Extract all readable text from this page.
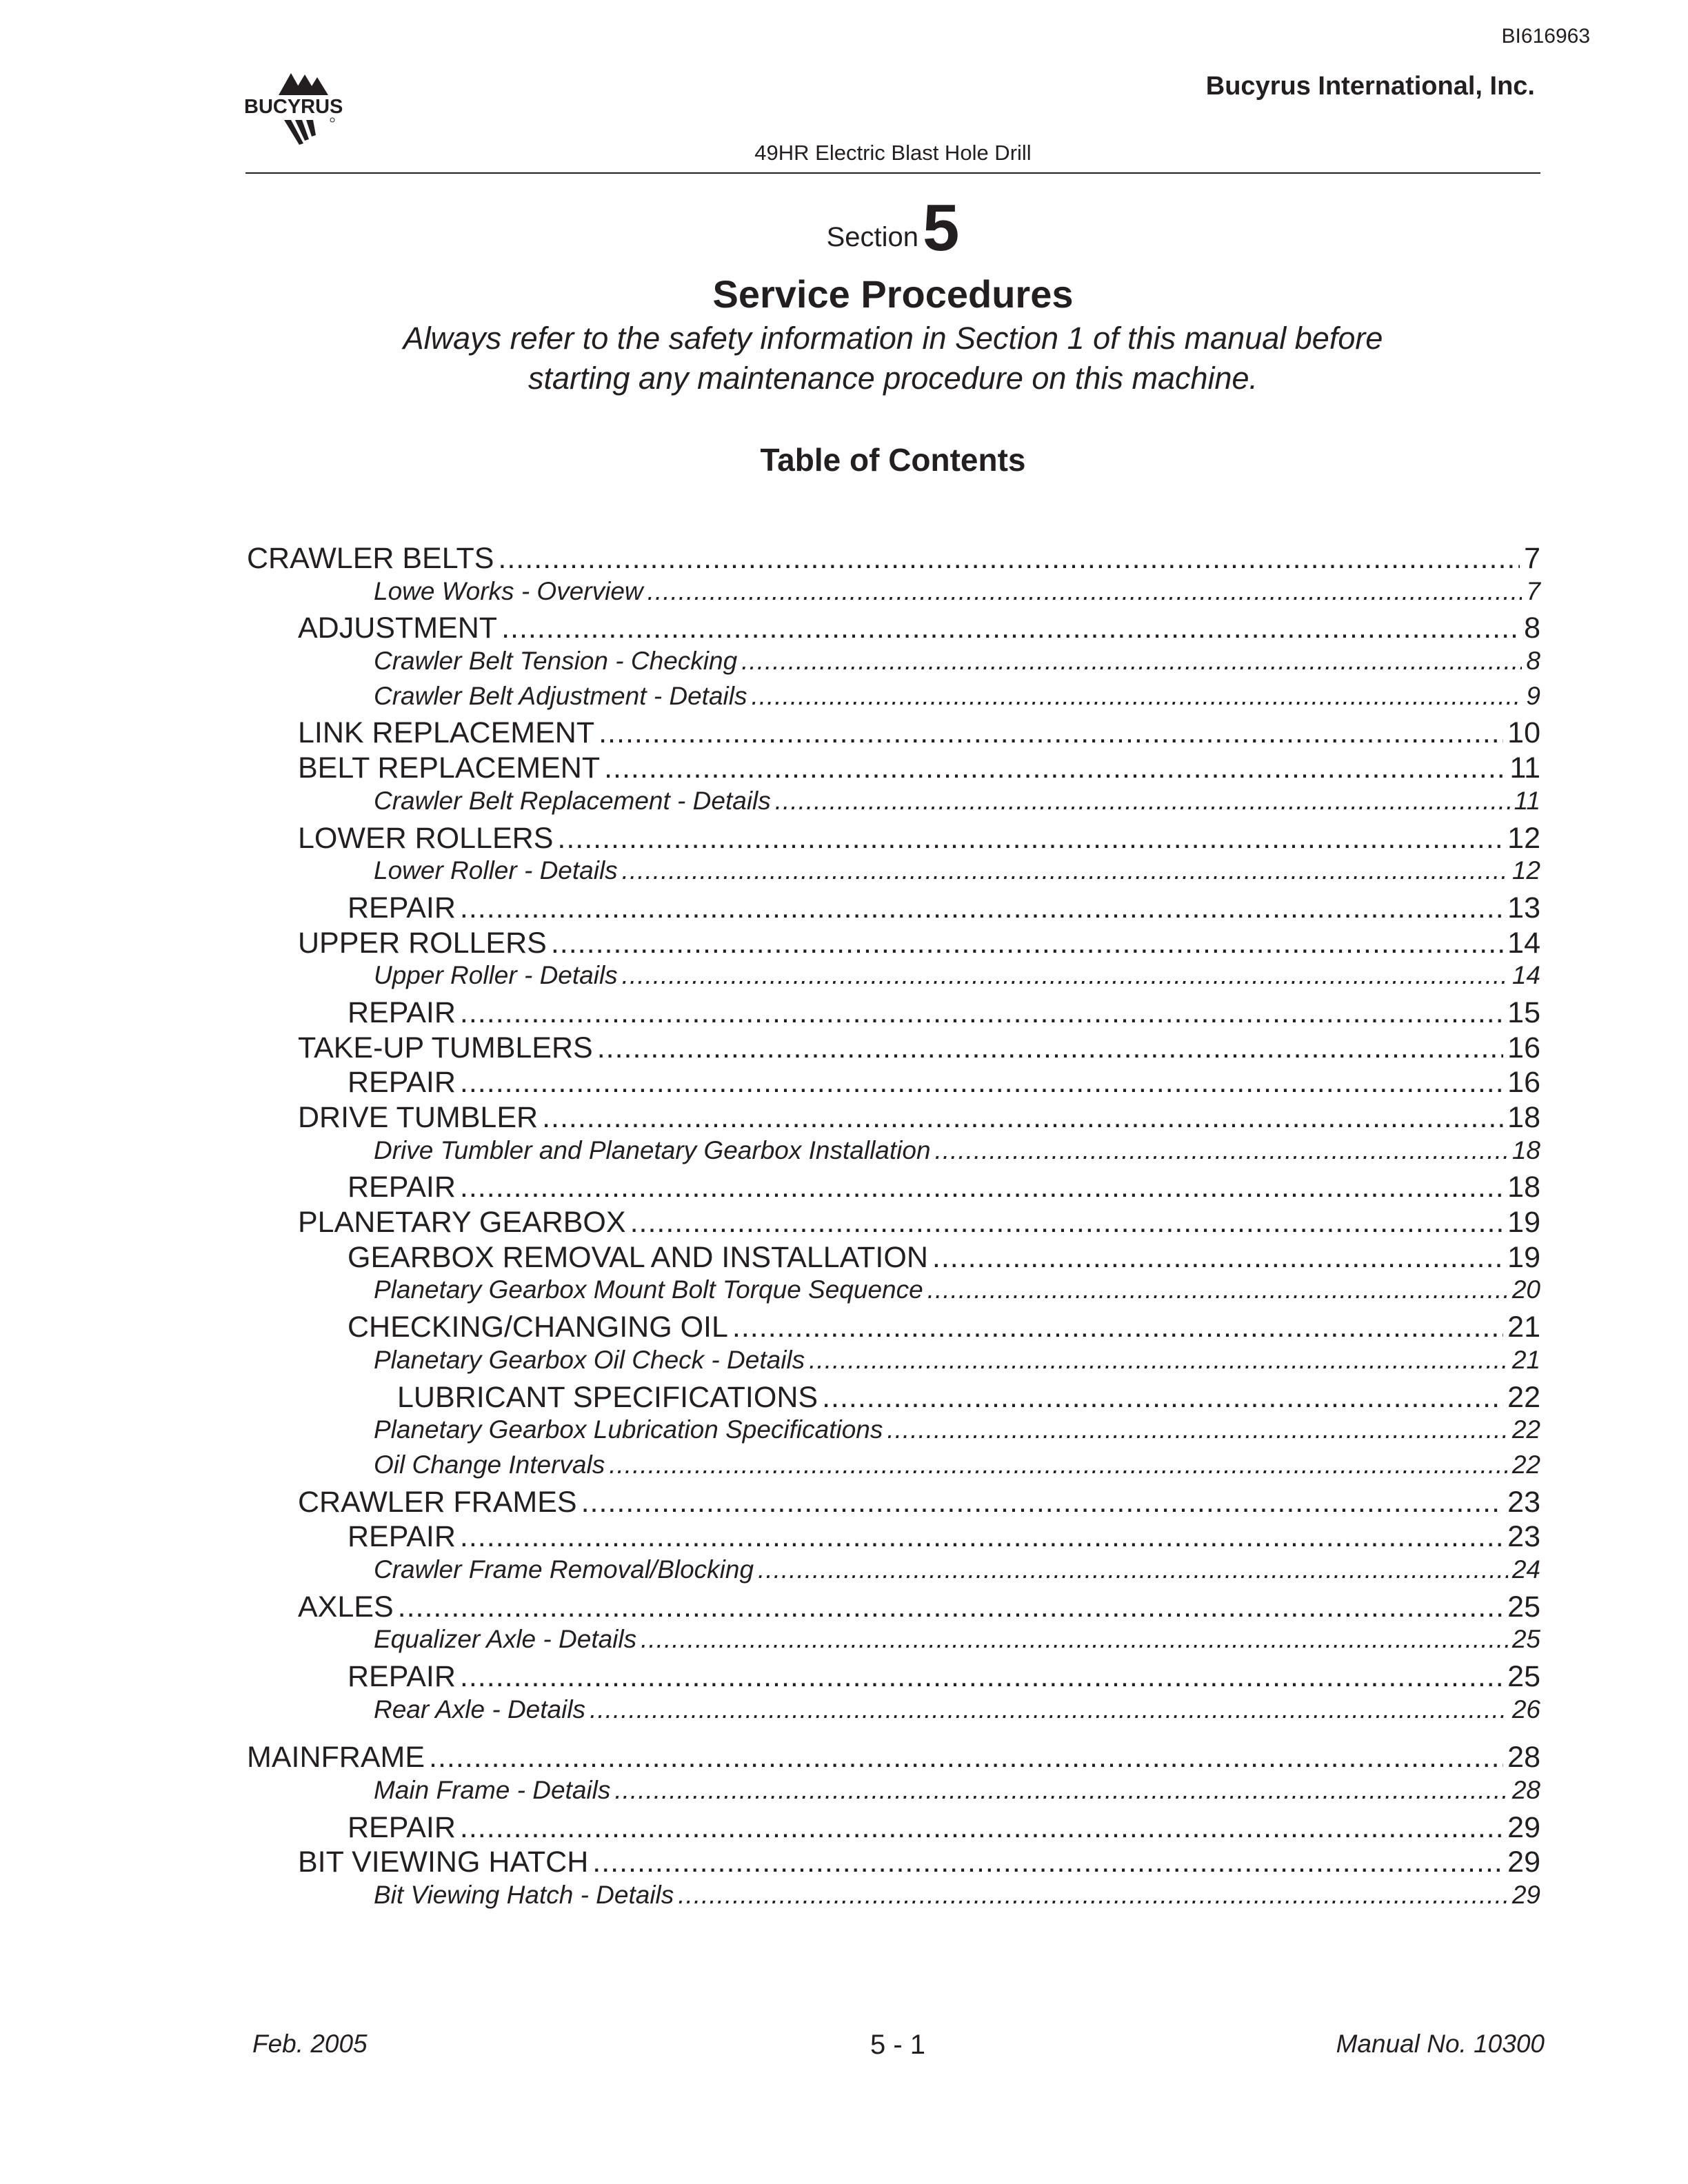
BI616963
BUCYRUS
Bucyrus International, Inc.
49HR Electric Blast Hole Drill
Section5
Service Procedures
Always refer to the safety information in Section 1 of this manual before
starting any maintenance procedure on this machine.
Table of Contents
CRAWLER BELTS .....	7
Lowe Works - Overview .....	7
ADJUSTMENT .....	8
Crawler Belt Tension - Checking .....	8
Crawler Belt Adjustment - Details .....	9
LINK REPLACEMENT .....	10
BELT REPLACEMENT .....	11
Crawler Belt Replacement - Details .....	11
LOWER ROLLERS .....	12
Lower Roller - Details .....	12
REPAIR .....	13
UPPER ROLLERS .....	14
Upper Roller - Details .....	14
REPAIR .....	15
TAKE-UP TUMBLERS .....	16
REPAIR .....	16
DRIVE TUMBLER .....	18
Drive Tumbler and Planetary Gearbox Installation .....	18
REPAIR .....	18
PLANETARY GEARBOX .....	19
GEARBOX REMOVAL AND INSTALLATION .....	19
Planetary Gearbox Mount Bolt Torque Sequence .....	20
CHECKING/CHANGING OIL .....	21
Planetary Gearbox Oil Check - Details .....	21
LUBRICANT SPECIFICATIONS .....	22
Planetary Gearbox Lubrication Specifications .....	22
Oil Change Intervals .....	22
CRAWLER FRAMES .....	23
REPAIR .....	23
Crawler Frame Removal/Blocking .....	24
AXLES .....	25
Equalizer Axle - Details .....	25
REPAIR .....	25
Rear Axle - Details .....	26
MAINFRAME .....	28
Main Frame - Details .....	28
REPAIR .....	29
BIT VIEWING HATCH .....	29
Bit Viewing Hatch - Details .....	29
Feb. 2005	5 - 1	Manual No. 10300
